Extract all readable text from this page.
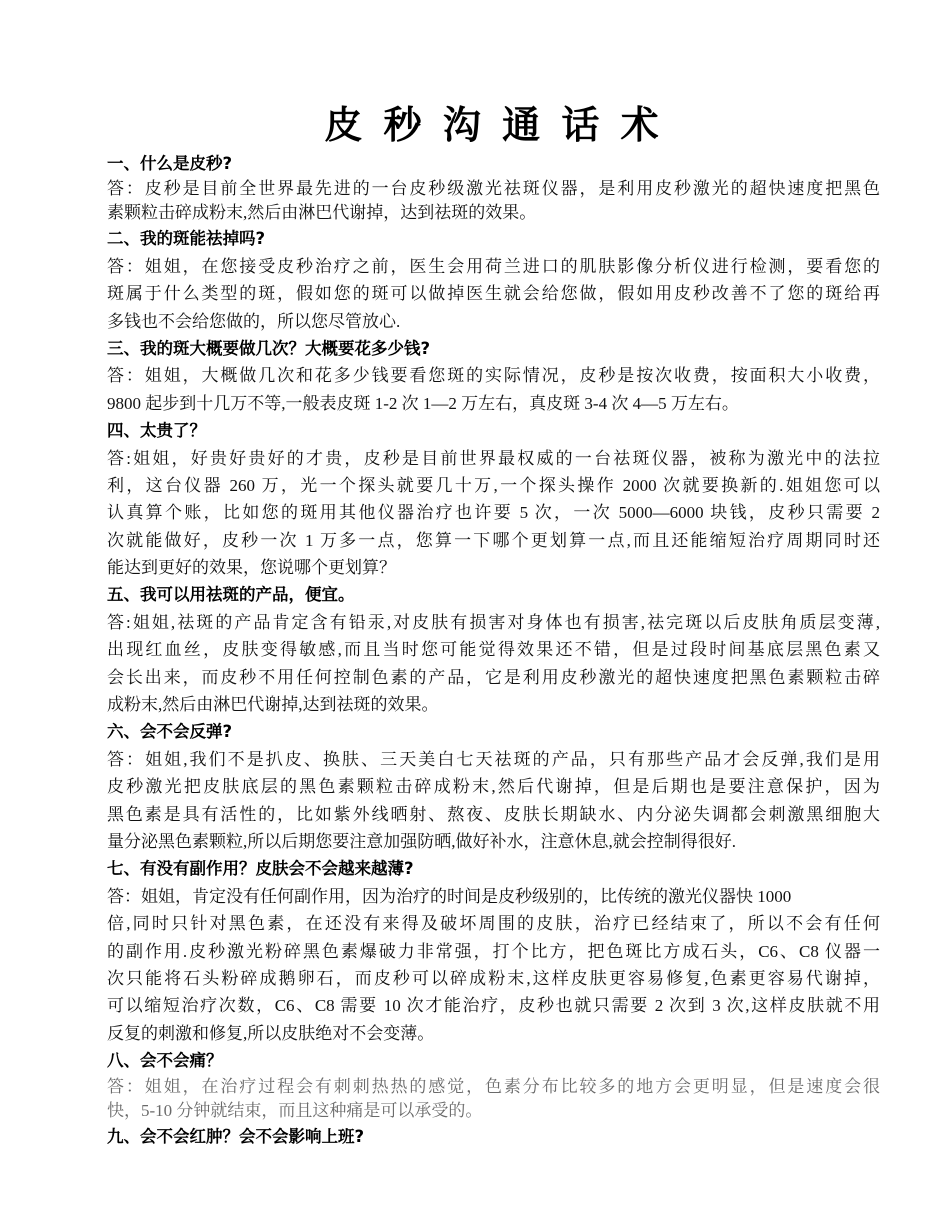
皮 秒 沟 通 话 术
一、什么是皮秒?
答：皮秒是目前全世界最先进的一台皮秒级激光祛斑仪器，是利用皮秒激光的超快速度把黑色
素颗粒击碎成粉末,然后由淋巴代谢掉，达到祛斑的效果。
二、我的斑能祛掉吗?
答：姐姐，在您接受皮秒治疗之前，医生会用荷兰进口的肌肤影像分析仪进行检测，要看您的
斑属于什么类型的斑，假如您的斑可以做掉医生就会给您做，假如用皮秒改善不了您的斑给再
多钱也不会给您做的，所以您尽管放心.
三、我的斑大概要做几次？大概要花多少钱?
答：姐姐，大概做几次和花多少钱要看您斑的实际情况，皮秒是按次收费，按面积大小收费，
9800 起步到十几万不等,一般表皮斑 1-2 次 1—2 万左右，真皮斑 3-4 次 4—5 万左右。
四、太贵了？
答:姐姐，好贵好贵好的才贵，皮秒是目前世界最权威的一台祛斑仪器，被称为激光中的法拉
利，这台仪器 260 万，光一个探头就要几十万,一个探头操作 2000 次就要换新的.姐姐您可以
认真算个账，比如您的斑用其他仪器治疗也许要 5 次，一次 5000—6000 块钱，皮秒只需要 2
次就能做好，皮秒一次 1 万多一点，您算一下哪个更划算一点,而且还能缩短治疗周期同时还
能达到更好的效果，您说哪个更划算？
五、我可以用祛斑的产品，便宜。
答:姐姐,祛斑的产品肯定含有铅汞,对皮肤有损害对身体也有损害,祛完斑以后皮肤角质层变薄,
出现红血丝，皮肤变得敏感,而且当时您可能觉得效果还不错，但是过段时间基底层黑色素又
会长出来，而皮秒不用任何控制色素的产品，它是利用皮秒激光的超快速度把黑色素颗粒击碎
成粉末,然后由淋巴代谢掉,达到祛斑的效果。
六、会不会反弹?
答：姐姐,我们不是扒皮、换肤、三天美白七天祛斑的产品，只有那些产品才会反弹,我们是用
皮秒激光把皮肤底层的黑色素颗粒击碎成粉末,然后代谢掉，但是后期也是要注意保护，因为
黑色素是具有活性的，比如紫外线晒射、熬夜、皮肤长期缺水、内分泌失调都会刺激黑细胞大
量分泌黑色素颗粒,所以后期您要注意加强防晒,做好补水，注意休息,就会控制得很好.
七、有没有副作用？皮肤会不会越来越薄?
答：姐姐，肯定没有任何副作用，因为治疗的时间是皮秒级别的，比传统的激光仪器快 1000
倍,同时只针对黑色素，在还没有来得及破坏周围的皮肤，治疗已经结束了，所以不会有任何
的副作用.皮秒激光粉碎黑色素爆破力非常强，打个比方，把色斑比方成石头，C6、C8 仪器一
次只能将石头粉碎成鹅卵石，而皮秒可以碎成粉末,这样皮肤更容易修复,色素更容易代谢掉，
可以缩短治疗次数，C6、C8 需要 10 次才能治疗，皮秒也就只需要 2 次到 3 次,这样皮肤就不用
反复的刺激和修复,所以皮肤绝对不会变薄。
八、会不会痛？
答：姐姐，在治疗过程会有刺刺热热的感觉，色素分布比较多的地方会更明显，但是速度会很
快，5-10 分钟就结束，而且这种痛是可以承受的。
九、会不会红肿？会不会影响上班?
